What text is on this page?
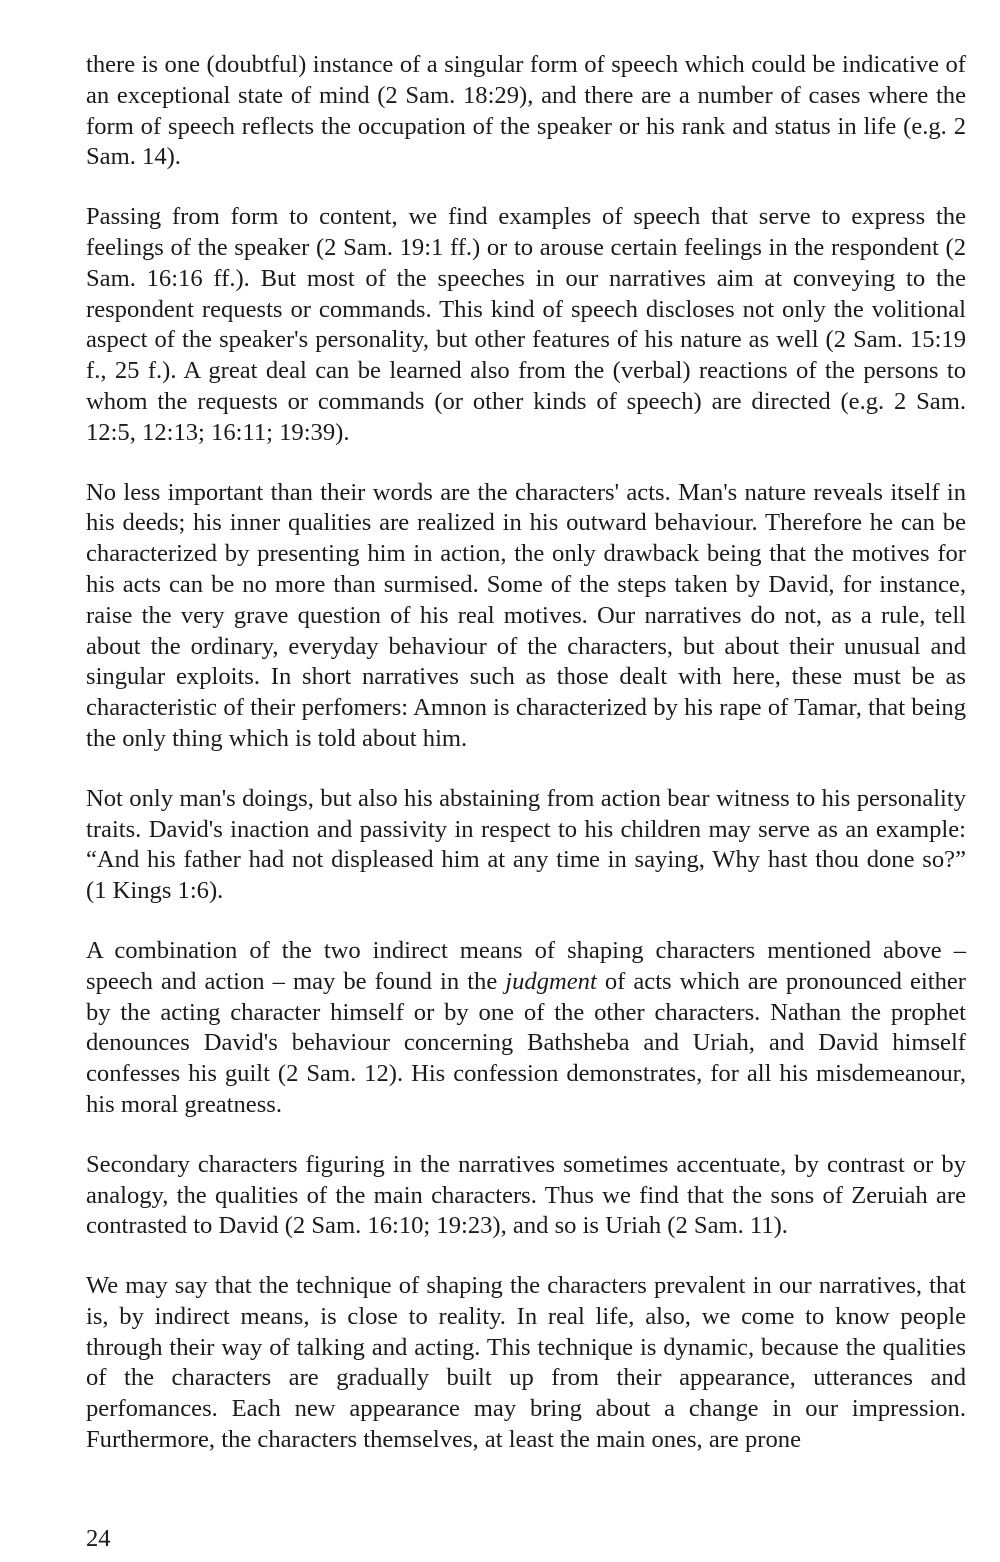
there is one (doubtful) instance of a singular form of speech which could be indicative of an exceptional state of mind (2 Sam. 18:29), and there are a number of cases where the form of speech reflects the occupation of the speaker or his rank and status in life (e.g. 2 Sam. 14).

Passing from form to content, we find examples of speech that serve to express the feelings of the speaker (2 Sam. 19:1 ff.) or to arouse certain feelings in the respondent (2 Sam. 16:16 ff.). But most of the speeches in our narratives aim at conveying to the respondent requests or commands. This kind of speech discloses not only the volitional aspect of the speaker's personality, but other features of his nature as well (2 Sam. 15:19 f., 25 f.). A great deal can be learned also from the (verbal) reactions of the persons to whom the requests or commands (or other kinds of speech) are directed (e.g. 2 Sam. 12:5, 12:13; 16:11; 19:39).

No less important than their words are the characters' acts. Man's nature reveals itself in his deeds; his inner qualities are realized in his outward behaviour. Therefore he can be characterized by presenting him in action, the only drawback being that the motives for his acts can be no more than surmised. Some of the steps taken by David, for instance, raise the very grave question of his real motives. Our narratives do not, as a rule, tell about the ordinary, everyday behaviour of the characters, but about their unusual and singular exploits. In short narratives such as those dealt with here, these must be as characteristic of their perfomers: Amnon is characterized by his rape of Tamar, that being the only thing which is told about him.

Not only man's doings, but also his abstaining from action bear witness to his personality traits. David's inaction and passivity in respect to his children may serve as an example: “And his father had not displeased him at any time in saying, Why hast thou done so?” (1 Kings 1:6).

A combination of the two indirect means of shaping characters mentioned above – speech and action – may be found in the judgment of acts which are pronounced either by the acting character himself or by one of the other characters. Nathan the prophet denounces David's behaviour concerning Bathsheba and Uriah, and David himself confesses his guilt (2 Sam. 12). His confession demonstrates, for all his misdemeanour, his moral greatness.

Secondary characters figuring in the narratives sometimes accentuate, by contrast or by analogy, the qualities of the main characters. Thus we find that the sons of Zeruiah are contrasted to David (2 Sam. 16:10; 19:23), and so is Uriah (2 Sam. 11).

We may say that the technique of shaping the characters prevalent in our narratives, that is, by indirect means, is close to reality. In real life, also, we come to know people through their way of talking and acting. This technique is dynamic, because the qualities of the characters are gradually built up from their appearance, utterances and perfomances. Each new appearance may bring about a change in our impression. Furthermore, the characters themselves, at least the main ones, are prone

24
